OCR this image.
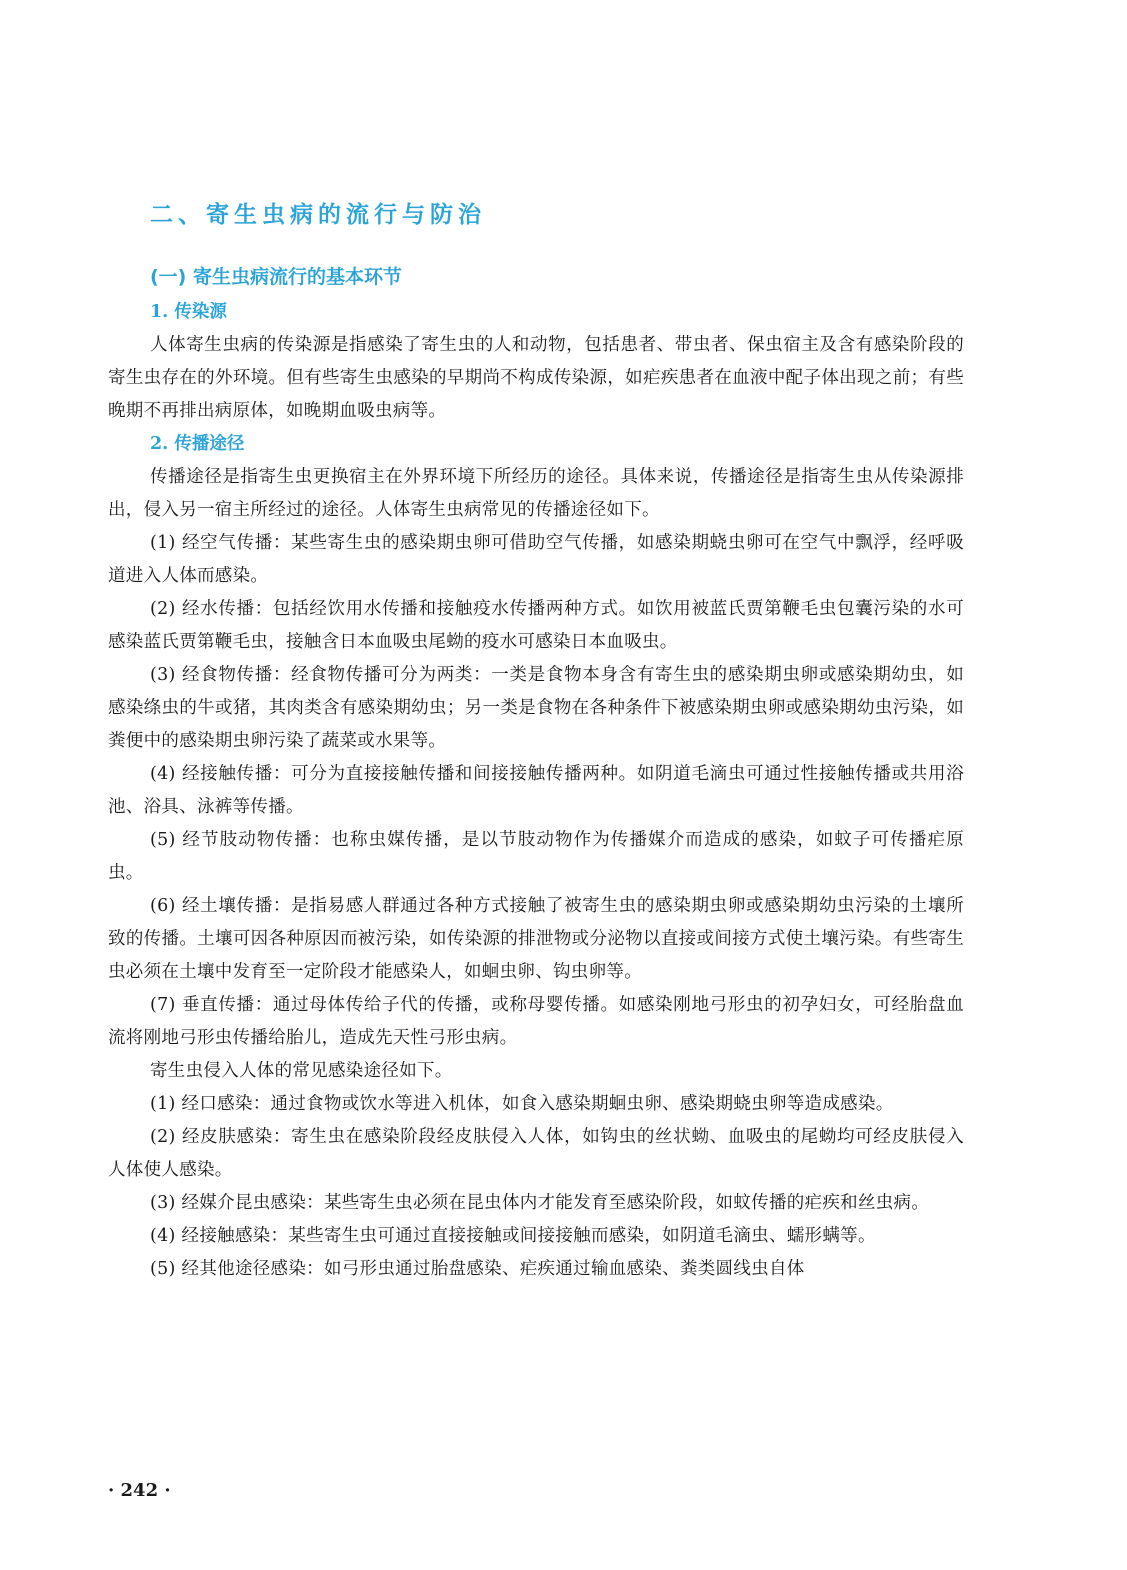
二、寄生虫病的流行与防治
(一) 寄生虫病流行的基本环节
1. 传染源

人体寄生虫病的传染源是指感染了寄生虫的人和动物，包括患者、带虫者、保虫宿主及含有感染阶段的寄生虫存在的外环境。但有些寄生虫感染的早期尚不构成传染源，如疟疾患者在血液中配子体出现之前；有些晚期不再排出病原体，如晚期血吸虫病等。

2. 传播途径

传播途径是指寄生虫更换宿主在外界环境下所经历的途径。具体来说，传播途径是指寄生虫从传染源排出，侵入另一宿主所经过的途径。人体寄生虫病常见的传播途径如下。

(1) 经空气传播：某些寄生虫的感染期虫卵可借助空气传播，如感染期蛲虫卵可在空气中飘浮，经呼吸道进入人体而感染。

(2) 经水传播：包括经饮用水传播和接触疫水传播两种方式。如饮用被蓝氏贾第鞭毛虫包囊污染的水可感染蓝氏贾第鞭毛虫，接触含日本血吸虫尾蚴的疫水可感染日本血吸虫。

(3) 经食物传播：经食物传播可分为两类：一类是食物本身含有寄生虫的感染期虫卵或感染期幼虫，如感染绦虫的牛或猪，其肉类含有感染期幼虫；另一类是食物在各种条件下被感染期虫卵或感染期幼虫污染，如粪便中的感染期虫卵污染了蔬菜或水果等。

(4) 经接触传播：可分为直接接触传播和间接接触传播两种。如阴道毛滴虫可通过性接触传播或共用浴池、浴具、泳裤等传播。

(5) 经节肢动物传播：也称虫媒传播，是以节肢动物作为传播媒介而造成的感染，如蚊子可传播疟原虫。

(6) 经土壤传播：是指易感人群通过各种方式接触了被寄生虫的感染期虫卵或感染期幼虫污染的土壤所致的传播。土壤可因各种原因而被污染，如传染源的排泄物或分泌物以直接或间接方式使土壤污染。有些寄生虫必须在土壤中发育至一定阶段才能感染人，如蛔虫卵、钩虫卵等。

(7) 垂直传播：通过母体传给子代的传播，或称母婴传播。如感染刚地弓形虫的初孕妇女，可经胎盘血流将刚地弓形虫传播给胎儿，造成先天性弓形虫病。

寄生虫侵入人体的常见感染途径如下。

(1) 经口感染：通过食物或饮水等进入机体，如食入感染期蛔虫卵、感染期蛲虫卵等造成感染。

(2) 经皮肤感染：寄生虫在感染阶段经皮肤侵入人体，如钩虫的丝状蚴、血吸虫的尾蚴均可经皮肤侵入人体使人感染。

(3) 经媒介昆虫感染：某些寄生虫必须在昆虫体内才能发育至感染阶段，如蚊传播的疟疾和丝虫病。

(4) 经接触感染：某些寄生虫可通过直接接触或间接接触而感染，如阴道毛滴虫、蠕形螨等。

(5) 经其他途径感染：如弓形虫通过胎盘感染、疟疾通过输血感染、粪类圆线虫自体

· 242 ·
